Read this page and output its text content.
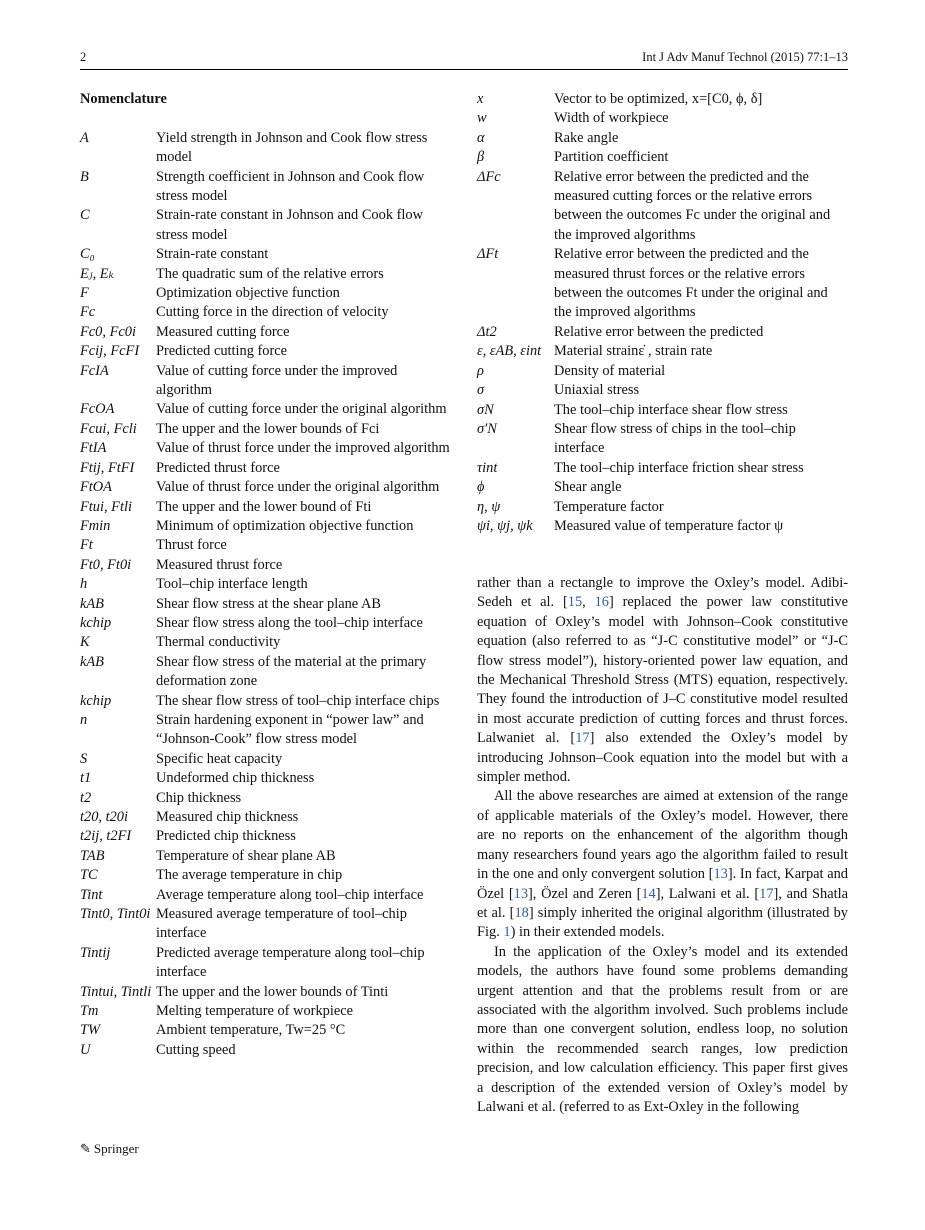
2	Int J Adv Manuf Technol (2015) 77:1–13
Nomenclature
A	Yield strength in Johnson and Cook flow stress model
B	Strength coefficient in Johnson and Cook flow stress model
C	Strain-rate constant in Johnson and Cook flow stress model
C₀	Strain-rate constant
Eⱼ, Eₖ	The quadratic sum of the relative errors
F	Optimization objective function
Fc	Cutting force in the direction of velocity
Fc0, Fc0i	Measured cutting force
Fcij, FcFI	Predicted cutting force
FcIA	Value of cutting force under the improved algorithm
FcOA	Value of cutting force under the original algorithm
Fcui, Fcli	The upper and the lower bounds of Fci
FtIA	Value of thrust force under the improved algorithm
Ftij, FtFI	Predicted thrust force
FtOA	Value of thrust force under the original algorithm
Ftui, Ftli	The upper and the lower bound of Fti
Fmin	Minimum of optimization objective function
Ft	Thrust force
Ft0, Ft0i	Measured thrust force
h	Tool–chip interface length
kAB	Shear flow stress at the shear plane AB
kchip	Shear flow stress along the tool–chip interface
K	Thermal conductivity
kAB	Shear flow stress of the material at the primary deformation zone
kchip	The shear flow stress of tool–chip interface chips
n	Strain hardening exponent in “power law” and “Johnson-Cook” flow stress model
S	Specific heat capacity
t1	Undeformed chip thickness
t2	Chip thickness
t20, t20i	Measured chip thickness
t2ij, t2FI	Predicted chip thickness
TAB	Temperature of shear plane AB
TC	The average temperature in chip
Tint	Average temperature along tool–chip interface
Tint0, Tint0i	Measured average temperature of tool–chip interface
Tintij	Predicted average temperature along tool–chip interface
Tintui, Tintli	The upper and the lower bounds of Tinti
Tm	Melting temperature of workpiece
TW	Ambient temperature, Tw=25 °C
U	Cutting speed
x	Vector to be optimized, x=[C0, ϕ, δ]
w	Width of workpiece
α	Rake angle
β	Partition coefficient
ΔFc	Relative error between the predicted and the measured cutting forces or the relative errors between the outcomes Fc under the original and the improved algorithms
ΔFt	Relative error between the predicted and the measured thrust forces or the relative errors between the outcomes Ft under the original and the improved algorithms
Δt2	Relative error between the predicted
ε, εAB, εint	Material strainε̇ , strain rate
ρ	Density of material
σ	Uniaxial stress
σN	The tool–chip interface shear flow stress
σ′N	Shear flow stress of chips in the tool–chip interface
τint	The tool–chip interface friction shear stress
ϕ	Shear angle
η, ψ	Temperature factor
ψi, ψj, ψk	Measured value of temperature factor ψ

rather than a rectangle to improve the Oxley’s model. Adibi-Sedeh et al. [15, 16] replaced the power law constitutive equation of Oxley’s model with Johnson–Cook constitutive equation (also referred to as “J-C constitutive model” or “J-C flow stress model”), history-oriented power law equation, and the Mechanical Threshold Stress (MTS) equation, respectively. They found the introduction of J–C constitutive model resulted in most accurate prediction of cutting forces and thrust forces. Lalwaniet al. [17] also extended the Oxley’s model by introducing Johnson–Cook equation into the model but with a simpler method.

All the above researches are aimed at extension of the range of applicable materials of the Oxley’s model. However, there are no reports on the enhancement of the algorithm though many researchers found years ago the algorithm failed to result in the one and only convergent solution [13]. In fact, Karpat and Özel [13], Özel and Zeren [14], Lalwani et al. [17], and Shatla et al. [18] simply inherited the original algorithm (illustrated by Fig. 1) in their extended models.

In the application of the Oxley’s model and its extended models, the authors have found some problems demanding urgent attention and that the problems result from or are associated with the algorithm involved. Such problems include more than one convergent solution, endless loop, no solution within the recommended search ranges, low prediction precision, and low calculation efficiency. This paper first gives a description of the extended version of Oxley’s model by Lalwani et al. (referred to as Ext-Oxley in the following

✎ Springer
